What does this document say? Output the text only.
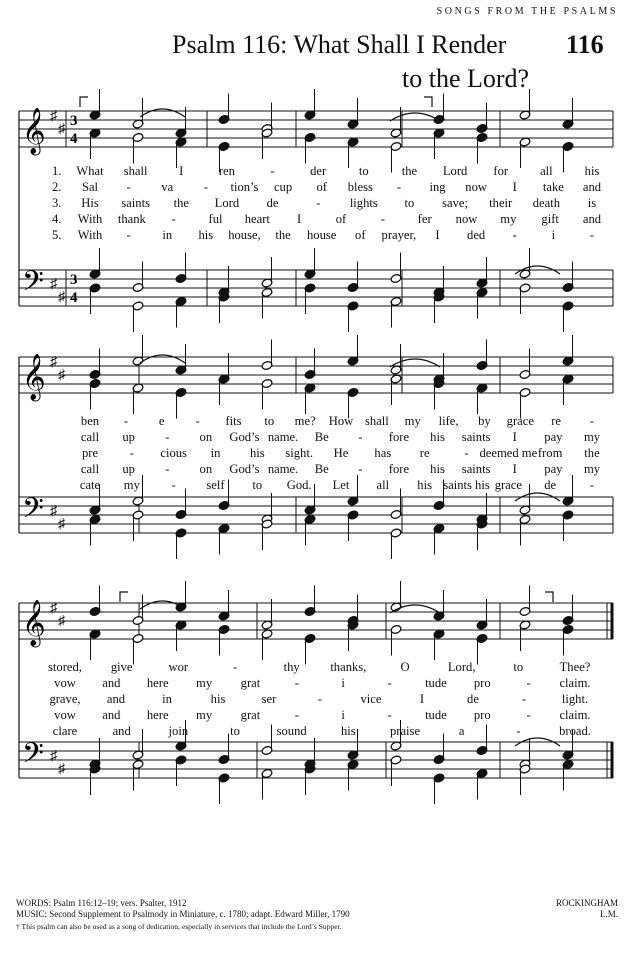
SONGS FROM THE PSALMS
Psalm 116: What Shall I Render 116
to the Lord?
𝄞
𝄢
♯
♯
♯
♯
3
4
3
4
𝄞
𝄢
♯
♯
♯
♯
𝄞
𝄢
♯
♯
♯
♯
1.
2.
3.
4.
5.
What shall	I	ren	-	der	to	the Lord for	all	his
Sal - va - tion’s cup of bless - ing now I take and
His saints the Lord de	- lights to save; their death is
With thank -	ful heart I	of	-	fer now my gift and
With -	in his house, the house of prayer, I ded -	i	-
ben - e - fits to me? How shall my life, by grace re -
call up - on God’s name. Be - fore his saints I pay my
pre	- cious in his sight. He has re	- deemed me from the
call up - on God’s name. Be - fore his saints I pay my
cate my	- self to God. Let all his saints his grace de	-
stored, give	wor	-	thy thanks,	O	Lord,	to	Thee?
vow and here my grat	-	i	-	tude pro	- claim.
grave, and	in	his	ser	-	vice	I	de	-	light.
vow and here my grat	-	i	-	tude pro	- claim.
clare	and	join	to	sound	his	praise	a	-	broad.
WORDS: Psalm 116:12–19; vers. Psalter, 1912
MUSIC: Second Supplement to Psalmody in Miniature, c. 1780; adapt. Edward Miller, 1790
† This psalm can also be used as a song of dedication, especially in services that include the Lord’s Supper.
ROCKINGHAM
L.M.
